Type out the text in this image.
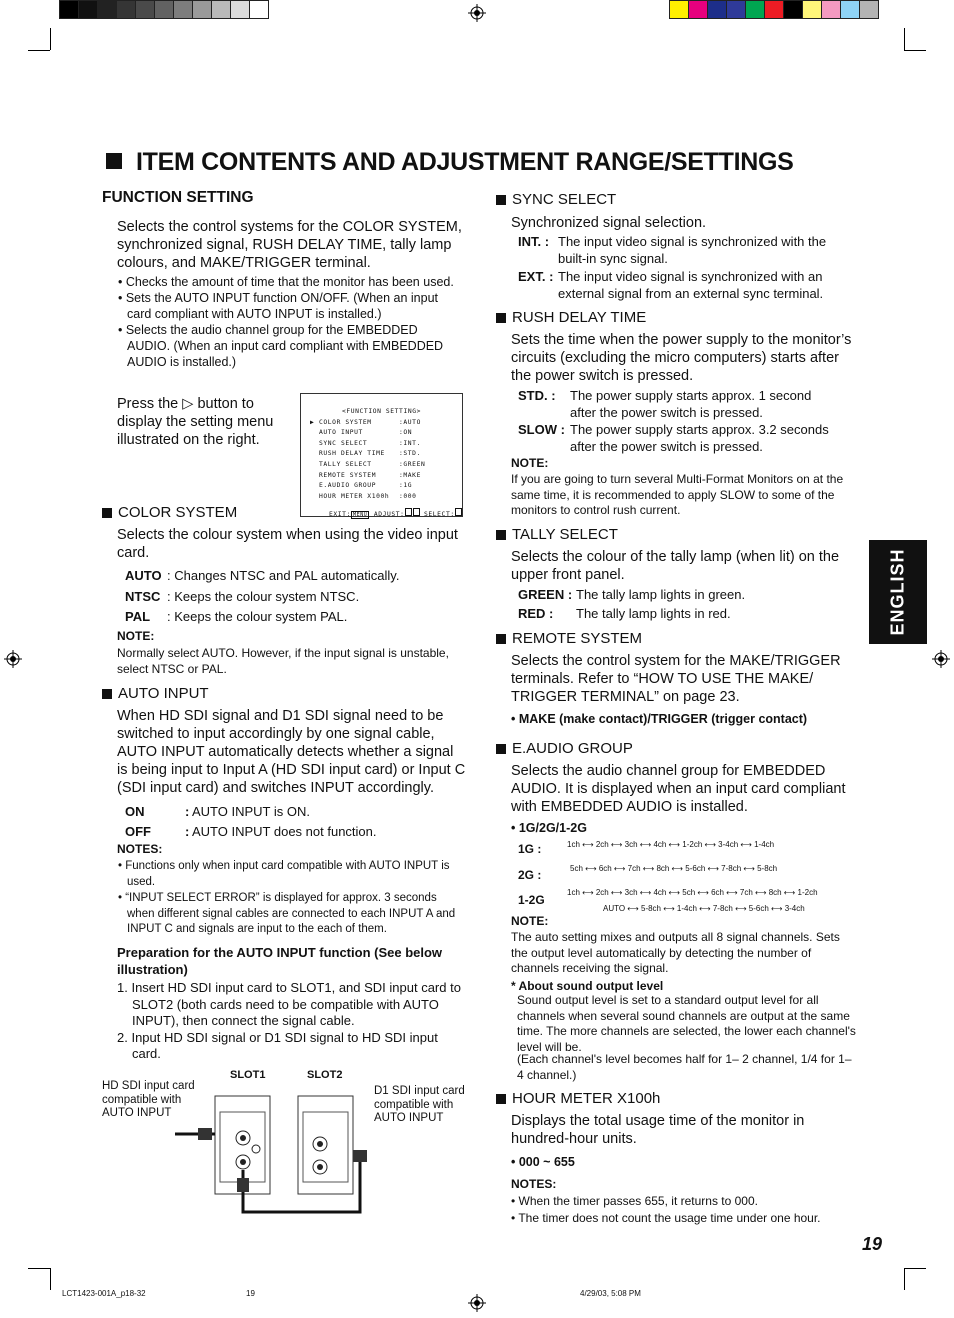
ITEM CONTENTS AND ADJUSTMENT RANGE/SETTINGS
FUNCTION SETTING
Selects the control systems for the COLOR SYSTEM, synchronized signal, RUSH DELAY TIME, tally lamp colours, and MAKE/TRIGGER terminal.
• Checks the amount of time that the monitor has been used.
• Sets the AUTO INPUT function ON/OFF. (When an input card compliant with AUTO INPUT is installed.)
• Selects the audio channel group for the EMBEDDED AUDIO. (When an input card compliant with EMBEDDED AUDIO is installed.)
Press the ▷ button to display the setting menu illustrated on the right.
<FUNCTION SETTING>
▶ COLOR SYSTEM	:AUTO
AUTO INPUT	:ON
SYNC SELECT	:INT.
RUSH DELAY TIME	:STD.
TALLY SELECT	:GREEN
REMOTE SYSTEM	:MAKE
E.AUDIO GROUP	:1G
HOUR METER X100h	:000
EXIT: MENU ADJUST:	SELECT:
COLOR SYSTEM
Selects the colour system when using the video input card.
AUTO : Changes NTSC and PAL automatically.
NTSC : Keeps the colour system NTSC.
PAL	: Keeps the colour system PAL.
NOTE:
Normally select AUTO. However, if the input signal is unstable, select NTSC or PAL.
AUTO INPUT
When HD SDI signal and D1 SDI signal need to be switched to input accordingly by one signal cable, AUTO INPUT automatically detects whether a signal is being input to Input A (HD SDI input card) or Input C (SDI input card) and switches INPUT accordingly.
ON	: AUTO INPUT is ON.
OFF	: AUTO INPUT does not function.
NOTES:
• Functions only when input card compatible with AUTO INPUT is used.
• “INPUT SELECT ERROR” is displayed for approx. 3 seconds when different signal cables are connected to each INPUT A and INPUT C and signals are input to the each of them.
Preparation for the AUTO INPUT function (See below illustration)
1. Insert HD SDI input card to SLOT1, and SDI input card to SLOT2 (both cards need to be compatible with AUTO INPUT), then connect the signal cable.
2. Input HD SDI signal or D1 SDI signal to HD SDI input card.
SLOT1	SLOT2
HD SDI input card compatible with AUTO INPUT
D1 SDI input card compatible with AUTO INPUT
SYNC SELECT
Synchronized signal selection.
INT. : The input video signal is synchronized with the built-in sync signal.
EXT. : The input video signal is synchronized with an external signal from an external sync terminal.
RUSH DELAY TIME
Sets the time when the power supply to the monitor’s circuits (excluding the micro computers) starts after the power switch is pressed.
STD. :	The power supply starts approx. 1 second after the power switch is pressed.
SLOW : The power supply starts approx. 3.2 seconds after the power switch is pressed.
NOTE:
If you are going to turn several Multi-Format Monitors on at the same time, it is recommended to apply SLOW to some of the monitors to control rush current.
TALLY SELECT
Selects the colour of the tally lamp (when lit) on the upper front panel.
GREEN : The tally lamp lights in green.
RED :	The tally lamp lights in red.
REMOTE SYSTEM
Selects the control system for the MAKE/TRIGGER terminals. Refer to “HOW TO USE THE MAKE/ TRIGGER TERMINAL” on page 23.
• MAKE (make contact)/TRIGGER (trigger contact)
E.AUDIO GROUP
Selects the audio channel group for EMBEDDED AUDIO. It is displayed when an input card compliant with EMBEDDED AUDIO is installed.
• 1G/2G/1-2G
1G :	1ch ⟷ 2ch ⟷ 3ch ⟷ 4ch ⟷ 1-2ch ⟷ 3-4ch ⟷ 1-4ch
2G :	5ch ⟷ 6ch ⟷ 7ch ⟷ 8ch ⟷ 5-6ch ⟷ 7-8ch ⟷ 5-8ch
1-2G
1ch ⟷ 2ch ⟷ 3ch ⟷ 4ch ⟷ 5ch ⟷ 6ch ⟷ 7ch ⟷ 8ch ⟷ 1-2ch
AUTO ⟷ 5-8ch ⟷ 1-4ch ⟷ 7-8ch ⟷ 5-6ch ⟷ 3-4ch
NOTE:
The auto setting mixes and outputs all 8 signal channels. Sets the output level automatically by detecting the number of channels receiving the signal.
* About sound output level
Sound output level is set to a standard output level for all channels when several sound channels are output at the same time. The more channels are selected, the lower each channel's level will be.
(Each channel's level becomes half for 1– 2 channel, 1/4 for 1– 4 channel.)
HOUR METER X100h
Displays the total usage time of the monitor in hundred-hour units.
• 000 ~ 655
NOTES:
• When the timer passes 655, it returns to 000.
• The timer does not count the usage time under one hour.
ENGLISH
19
LCT1423-001A_p18-32	19	4/29/03, 5:08 PM
